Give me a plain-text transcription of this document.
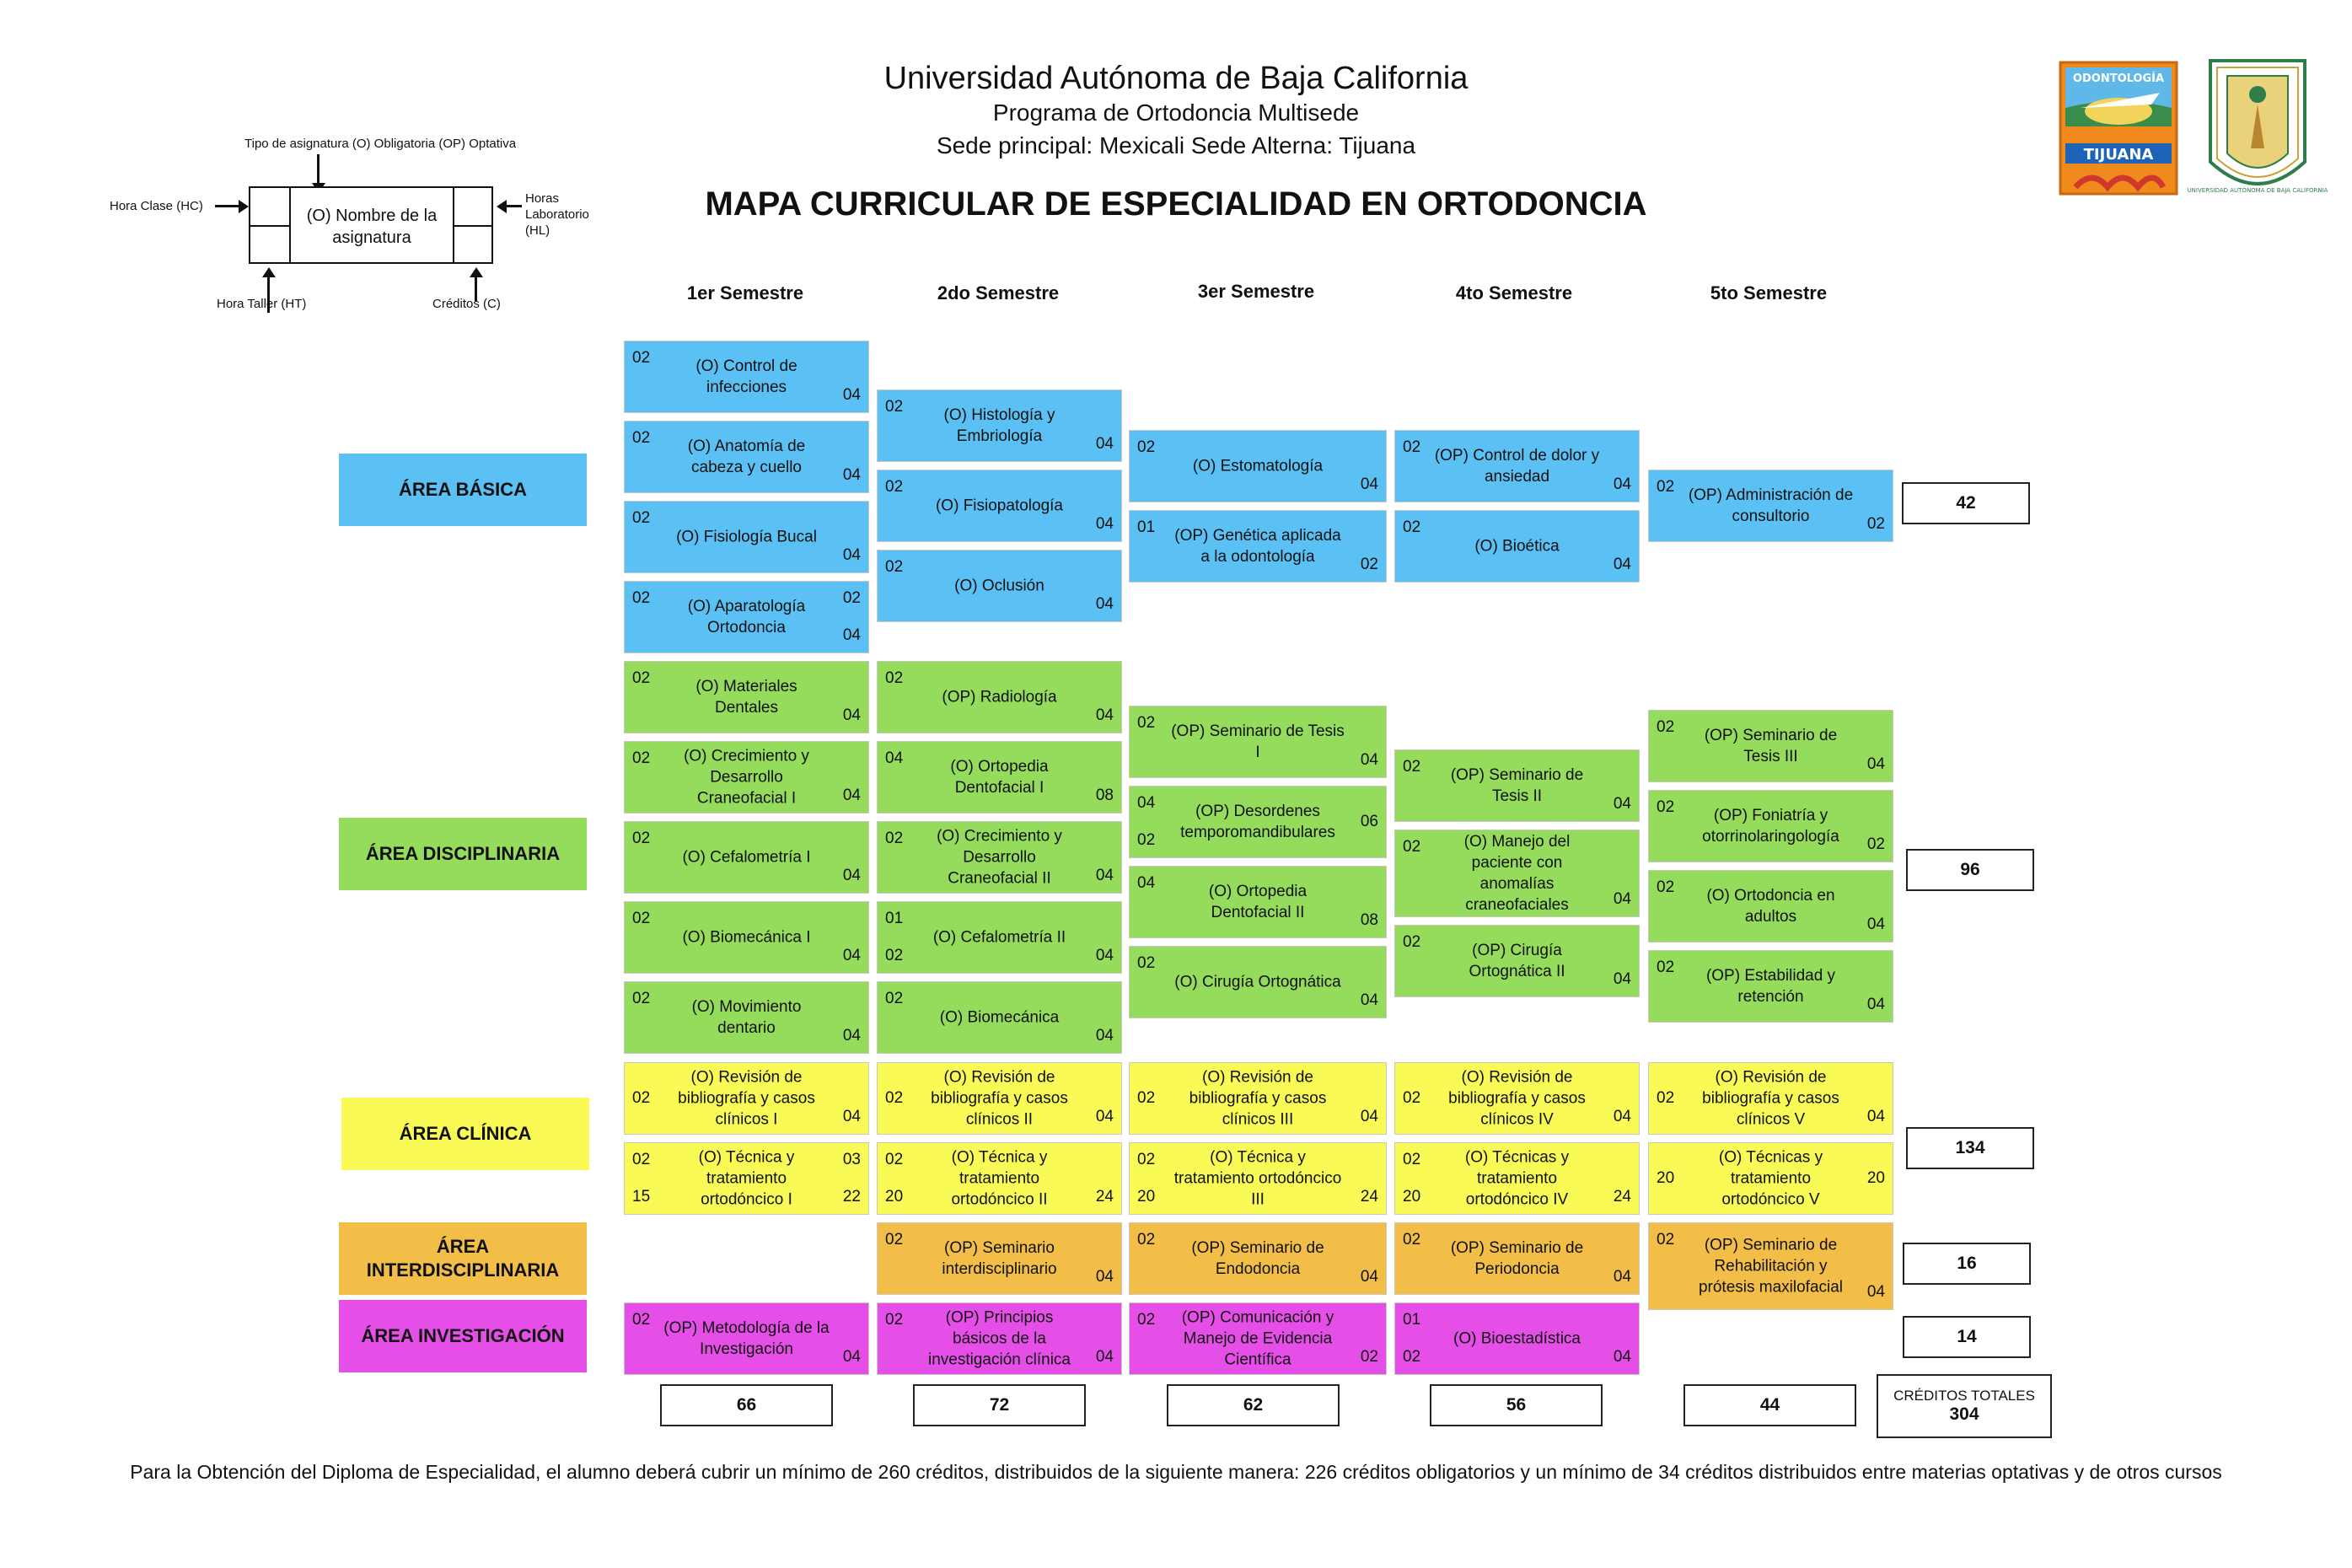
Universidad Autónoma de Baja California
Programa de Ortodoncia Multisede
Sede principal: Mexicali Sede Alterna: Tijuana
MAPA CURRICULAR DE ESPECIALIDAD EN ORTODONCIA
Tipo de asignatura (O) Obligatoria (OP) Optativa
(O) Nombre de la asignatura
Hora Clase (HC)
Horas Laboratorio (HL)
Hora Taller (HT)	Créditos (C)
ODONTOLOGÍA
TIJUANA
UNIVERSIDAD AUTÓNOMA DE BAJA CALIFORNIA
1er Semestre	2do Semestre	3er Semestre	4to Semestre	5to Semestre
ÁREA BÁSICA
ÁREA DISCIPLINARIA
ÁREA CLÍNICA
ÁREA INTERDISCIPLINARIA
ÁREA INVESTIGACIÓN
(O) Control de infecciones
02
04
(O) Anatomía de cabeza y cuello
02
04
(O) Fisiología Bucal
02
04
(O) Aparatología Ortodoncia
02	02
04
(O) Materiales Dentales
02
04
(O) Crecimiento y Desarrollo Craneofacial I
02
04
(O) Cefalometría I
02
04
(O) Biomecánica I
02
04
(O) Movimiento dentario
02
04
(O) Revisión de bibliografía y casos clínicos I	04
02
(O) Técnica y tratamiento ortodóncico I
02	03
15	22
(OP) Metodología de la Investigación
02
04
(O) Histología y Embriología
02
04
(O) Fisiopatología
02
04
(O) Oclusión
02
04
(OP) Radiología
02
04
(O) Ortopedia Dentofacial I
04
08
(O) Crecimiento y Desarrollo Craneofacial II
02
04
(O) Cefalometría II
01
02	04
(O) Biomecánica
02
04
(O) Revisión de bibliografía y casos clínicos II	04
02
(O) Técnica y tratamiento ortodóncico II
02
20	24
(OP) Seminario interdisciplinario
02
04
(OP) Principios básicos de la investigación clínica
02
04
(O) Estomatología
02
04
(OP) Genética aplicada a la odontología
01
02
(OP) Seminario de Tesis I
02
04
(OP) Desordenes temporomandibulares
04
02
06
(O) Ortopedia Dentofacial II
04
08
(O) Cirugía Ortognática
02
04
(O) Revisión de bibliografía y casos clínicos III	04
02
(O) Técnica y tratamiento ortodóncico III
02
20	24
(OP) Seminario de Endodoncia
02
04
(OP) Comunicación y Manejo de Evidencia Científica
02
02
(OP) Control de dolor y ansiedad
02
04
(O) Bioética
02
04
(OP) Seminario de Tesis II
02
04
(O) Manejo del paciente con anomalías craneofaciales
02
04
(OP) Cirugía Ortognática II
02
04
(O) Revisión de bibliografía y casos clínicos IV	04
02
(O) Técnicas y tratamiento ortodóncico IV
02
20	24
(OP) Seminario de Periodoncia
02
04
(O) Bioestadística
01
02	04
(OP) Administración de consultorio
02
02
(OP) Seminario de Tesis III
02
04
(OP) Foniatría y otorrinolaringología
02
02
(O) Ortodoncia en adultos
02
04
(OP) Estabilidad y retención
02
04
(O) Revisión de bibliografía y casos clínicos V	04
02
(O) Técnicas y tratamiento ortodóncico V
20	20
(OP) Seminario de Rehabilitación y prótesis maxilofacial
02
04
42
96
134
16
14
66	72	62	56	44	CRÉDITOS TOTALES
304
Para la Obtención del Diploma de Especialidad, el alumno deberá cubrir un mínimo de 260 créditos, distribuidos de la siguiente manera: 226 créditos obligatorios y un mínimo de 34 créditos distribuidos entre materias optativas y de otros cursos
